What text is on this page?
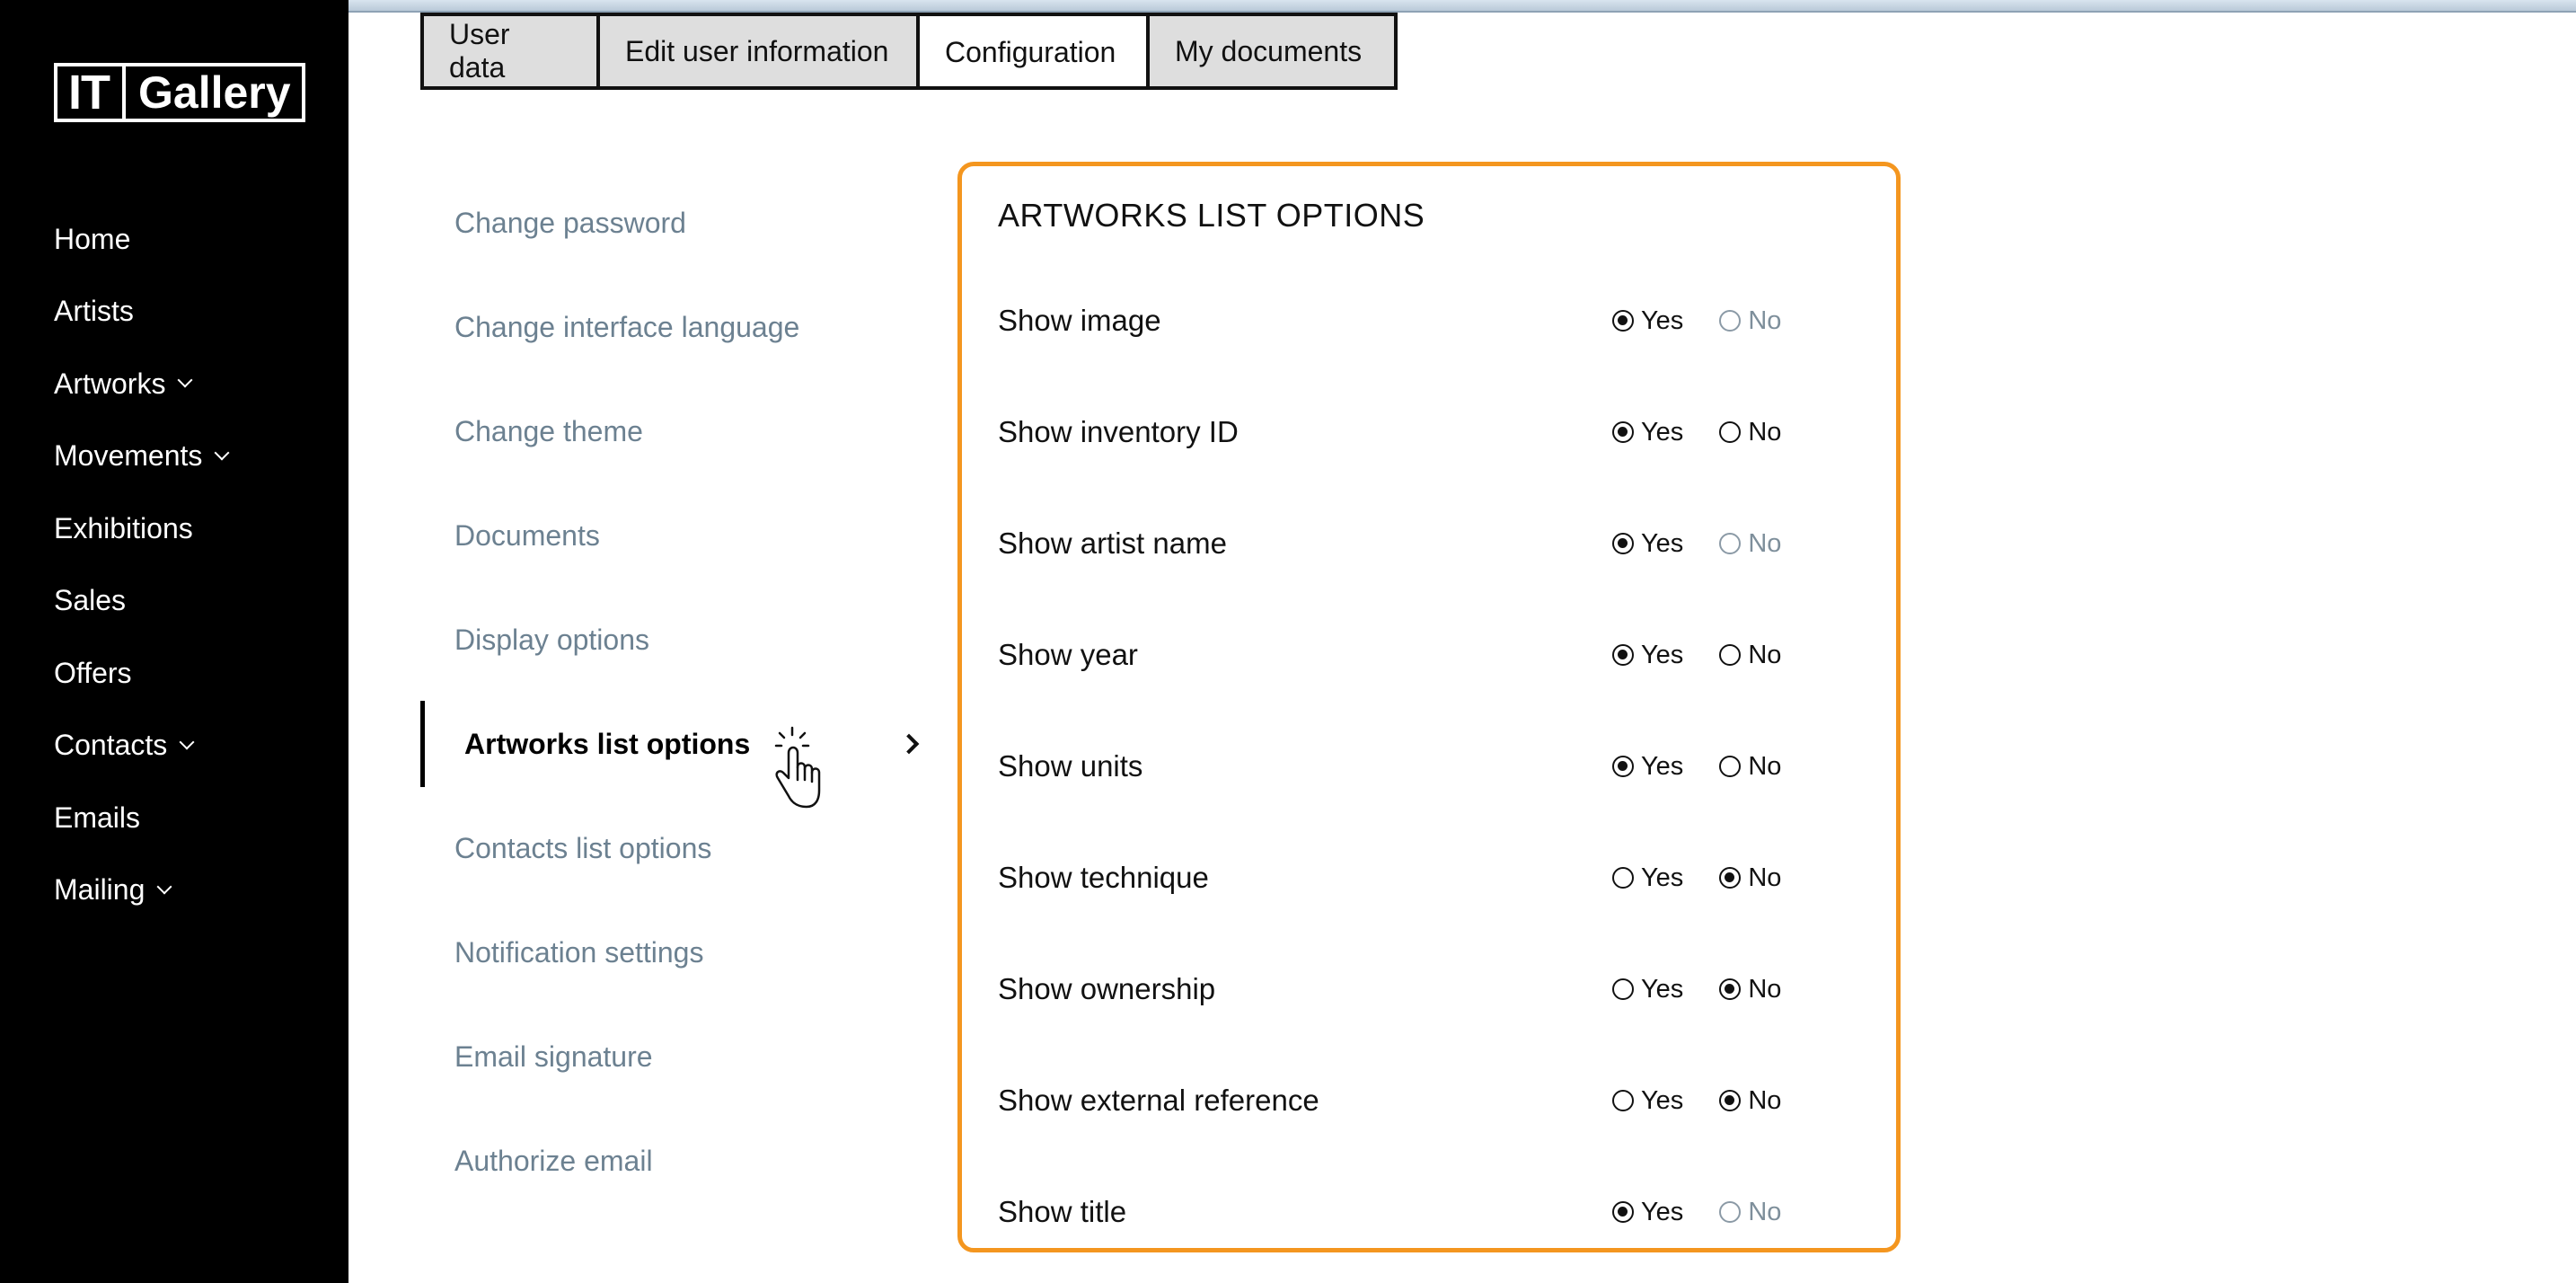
IT Gallery
Home
Artists
Artworks
Movements
Exhibitions
Sales
Offers
Contacts
Emails
Mailing
User data
Edit user information	Configuration	My documents
Change password
Change interface language
Change theme
Documents
Display options
Artworks list options
Contacts list options
Notification settings
Email signature
Authorize email
ARTWORKS LIST OPTIONS
Show image	Yes No
Show inventory ID	Yes No
Show artist name	Yes No
Show year	Yes No
Show units	Yes No
Show technique	Yes No
Show ownership	Yes No
Show external reference	Yes No
Show title	Yes No
